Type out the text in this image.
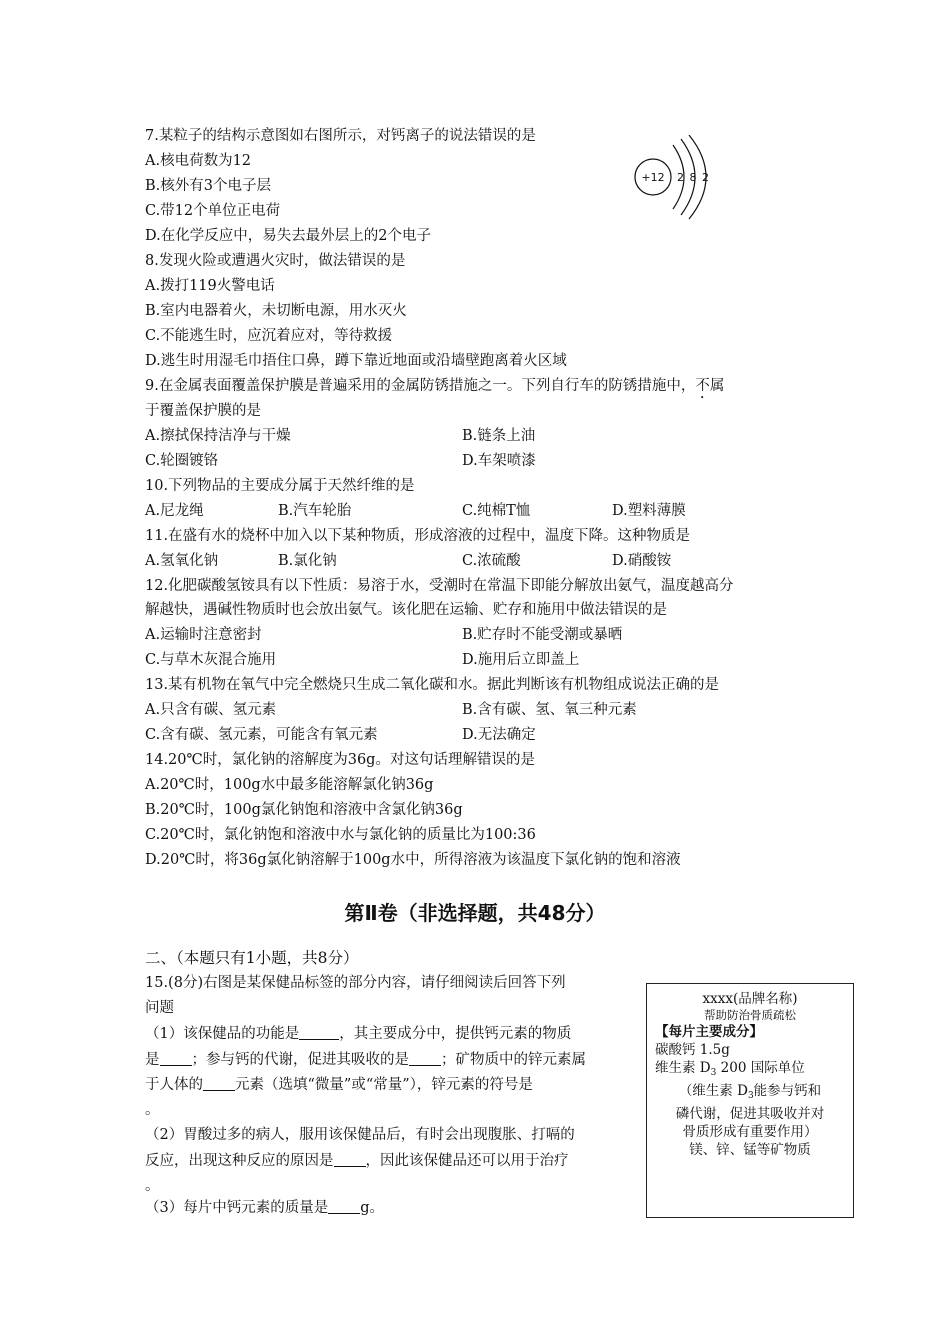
7.某粒子的结构示意图如右图所示，对钙离子的说法错误的是
A.核电荷数为12
B.核外有3个电子层
C.带12个单位正电荷
D.在化学反应中，易失去最外层上的2个电子
+12 2 8 2
8.发现火险或遭遇火灾时，做法错误的是
A.拨打119火警电话
B.室内电器着火，未切断电源，用水灭火
C.不能逃生时，应沉着应对，等待救援
D.逃生时用湿毛巾捂住口鼻，蹲下靠近地面或沿墙壁跑离着火区域
9.在金属表面覆盖保护膜是普遍采用的金属防锈措施之一。下列自行车的防锈措施中，不属
于覆盖保护膜的是
A.擦拭保持洁净与干燥	B.链条上油
C.轮圈镀铬	D.车架喷漆
10.下列物品的主要成分属于天然纤维的是
A.尼龙绳	B.汽车轮胎	C.纯棉T恤	D.塑料薄膜
11.在盛有水的烧杯中加入以下某种物质，形成溶液的过程中，温度下降。这种物质是
A.氢氧化钠	B.氯化钠	C.浓硫酸	D.硝酸铵
12.化肥碳酸氢铵具有以下性质：易溶于水，受潮时在常温下即能分解放出氨气，温度越高分
解越快，遇碱性物质时也会放出氨气。该化肥在运输、贮存和施用中做法错误的是
A.运输时注意密封	B.贮存时不能受潮或暴晒
C.与草木灰混合施用	D.施用后立即盖上
13.某有机物在氧气中完全燃烧只生成二氧化碳和水。据此判断该有机物组成说法正确的是
A.只含有碳、氢元素	B.含有碳、氢、氧三种元素
C.含有碳、氢元素，可能含有氧元素	D.无法确定
14.20℃时，氯化钠的溶解度为36g。对这句话理解错误的是
A.20℃时，100g水中最多能溶解氯化钠36g
B.20℃时，100g氯化钠饱和溶液中含氯化钠36g
C.20℃时，氯化钠饱和溶液中水与氯化钠的质量比为100:36
D.20℃时，将36g氯化钠溶解于100g水中，所得溶液为该温度下氯化钠的饱和溶液
第Ⅱ卷（非选择题，共48分）
二、（本题只有1小题，共8分）
15.(8分)右图是某保健品标签的部分内容，请仔细阅读后回答下列
问题
（1）该保健品的功能是	，其主要成分中，提供钙元素的物质
是 ；参与钙的代谢，促进其吸收的是 ；矿物质中的锌元素属
于人体的 元素（选填“微量”或“常量”），锌元素的符号是
。
（2）胃酸过多的病人，服用该保健品后，有时会出现腹胀、打嗝的
反应，出现这种反应的原因是 ，因此该保健品还可以用于治疗
。
（3）每片中钙元素的质量是 g。
xxxx(品牌名称)
帮助防治骨质疏松
【每片主要成分】
碳酸钙 1.5g
维生素 $D_3$ 200 国际单位
（维生素 $D_3$能参与钙和
磷代谢，促进其吸收并对
骨质形成有重要作用）
镁、锌、锰等矿物质
